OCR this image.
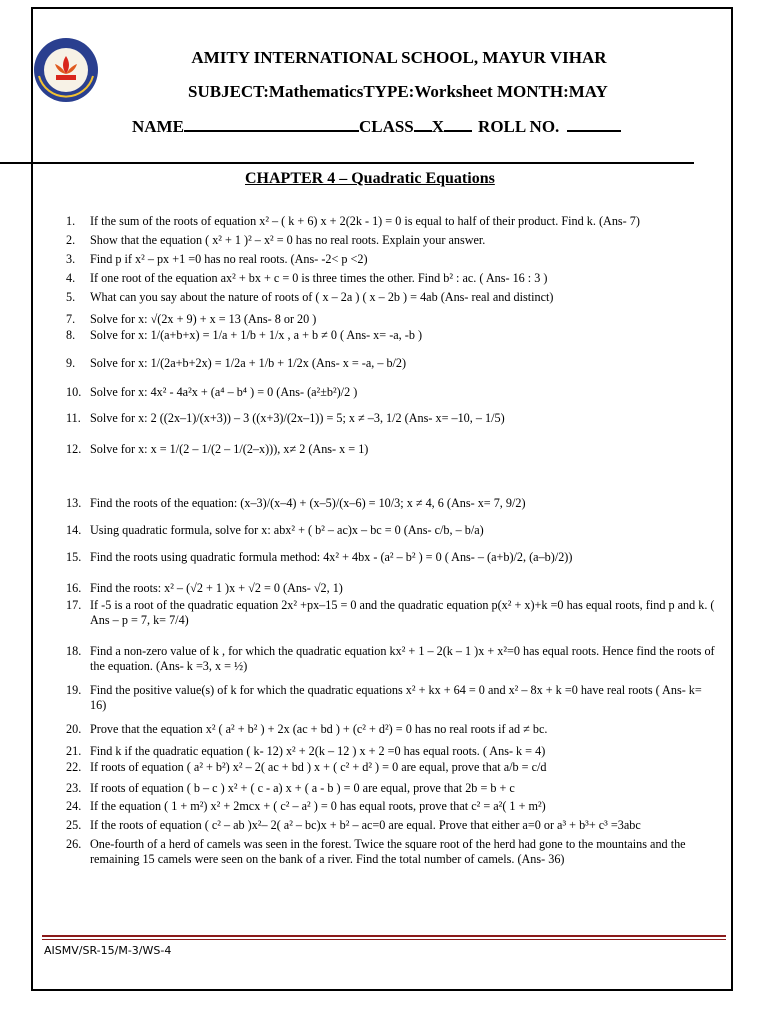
AMITY INTERNATIONAL SCHOOL, MAYUR VIHAR
SUBJECT:MathematicsTYPE:Worksheet MONTH:MAY
NAME	CLASS X ROLL NO.
CHAPTER 4 – Quadratic Equations
1.	If the sum of the roots of equation x² – ( k + 6) x + 2(2k - 1) = 0 is equal to half of their product. Find k. (Ans- 7)
2.	Show that the equation ( x² + 1 )² – x² = 0 has no real roots. Explain your answer.
3.	Find p if x² – px +1 =0 has no real roots. (Ans- -2< p <2)
4.	If one root of the equation ax² + bx + c = 0 is three times the other. Find b² : ac. ( Ans- 16 : 3 )
5.	What can you say about the nature of roots of ( x – 2a ) ( x – 2b ) = 4ab (Ans- real and distinct)
7.	Solve for x: √(2x + 9) + x = 13 (Ans- 8 or 20 )
8.	Solve for x: 1/(a+b+x) = 1/a + 1/b + 1/x , a + b ≠ 0 ( Ans- x= -a, -b )
9.	Solve for x: 1/(2a+b+2x) = 1/2a + 1/b + 1/2x (Ans- x = -a, – b/2)
10. Solve for x: 4x² - 4a²x + (a⁴ – b⁴ ) = 0 (Ans- (a²±b²)/2 )
11. Solve for x: 2 ((2x–1)/(x+3)) – 3 ((x+3)/(2x–1)) = 5; x ≠ –3, 1/2 (Ans- x= –10, – 1/5)
12. Solve for x: x = 1/(2 – 1/(2 – 1/(2–x))), x≠ 2 (Ans- x = 1)
13. Find the roots of the equation: (x–3)/(x–4) + (x–5)/(x–6) = 10/3; x ≠ 4, 6 (Ans- x= 7, 9/2)
14. Using quadratic formula, solve for x: abx² + ( b² – ac)x – bc = 0 (Ans- c/b, – b/a)
15. Find the roots using quadratic formula method: 4x² + 4bx - (a² – b² ) = 0 ( Ans- – (a+b)/2, (a–b)/2))
16. Find the roots: x² – (√2 + 1 )x + √2 = 0 (Ans- √2, 1)
17. If -5 is a root of the quadratic equation 2x² +px–15 = 0 and the quadratic equation p(x² + x)+k =0 has equal roots, find p and k. ( Ans – p = 7, k= 7/4)
18. Find a non-zero value of k , for which the quadratic equation kx² + 1 – 2(k – 1 )x + x²=0 has equal roots. Hence find the roots of the equation. (Ans- k =3, x = ½)
19. Find the positive value(s) of k for which the quadratic equations x² + kx + 64 = 0 and x² – 8x + k =0 have real roots ( Ans- k= 16)
20. Prove that the equation x² ( a² + b² ) + 2x (ac + bd ) + (c² + d²) = 0 has no real roots if ad ≠ bc.
21. Find k if the quadratic equation ( k- 12) x² + 2(k – 12 ) x + 2 =0 has equal roots. ( Ans- k = 4)
22. If roots of equation ( a² + b²) x² – 2( ac + bd ) x + ( c² + d² ) = 0 are equal, prove that a/b = c/d
23. If roots of equation ( b – c ) x² + ( c - a) x + ( a - b ) = 0 are equal, prove that 2b = b + c
24. If the equation ( 1 + m²) x² + 2mcx + ( c² – a² ) = 0 has equal roots, prove that c² = a²( 1 + m²)
25. If the roots of equation ( c² – ab )x²– 2( a² – bc)x + b² – ac=0 are equal. Prove that either a=0 or a³ + b³+ c³ =3abc
26. One-fourth of a herd of camels was seen in the forest. Twice the square root of the herd had gone to the mountains and the remaining 15 camels were seen on the bank of a river. Find the total number of camels. (Ans- 36)
AISMV/SR-15/M-3/WS-4
